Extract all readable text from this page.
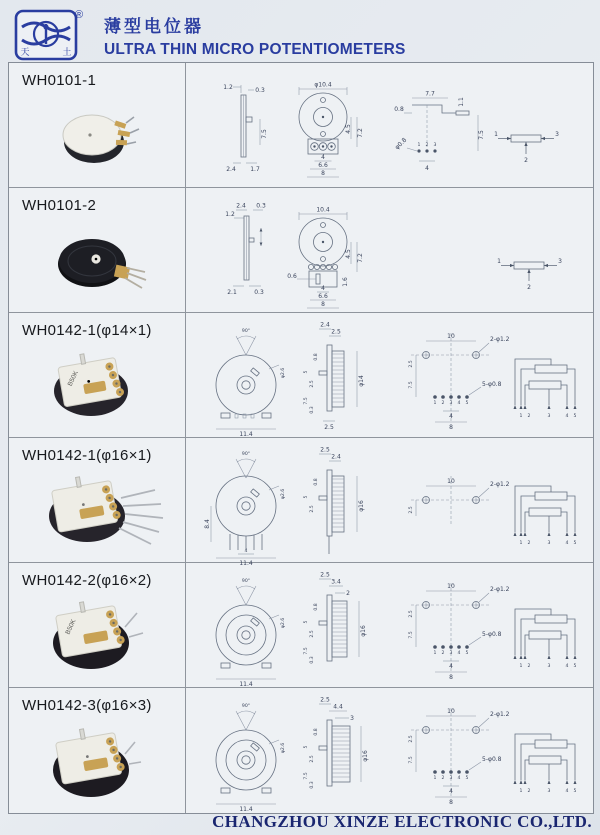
天	土
®
薄型电位器
ULTRA THIN MICRO POTENTIOMETERS
WH0101-1	1.2	0.3
7.5
2.4 1.7
φ10.4
4.5 7.2
4
6.6
8
7.7
1.1
0.8
7.5
1 2 3
φ0.8
4
1	3
2
WH0101-2	2.4 0.3
1.2
2.1	0.3
10.4
0.6
4.5 7.2
1.6
4
6.6
8
1	3
2
WH0142-1(φ14×1)
B50K
90°
φ2.6
11.4
2.4
2.5
0.8
5
2.5
7.5
0.3
φ14
2.5
10	2-φ1.2
2.5
7.5
1 2 3 4 5
5-φ0.8
4
8
1 2	3	4 5
WH0142-1(φ16×1)	90°
φ2.6
8.4
4
11.4
2.5
2.4
0.8
5
2.5	φ16
10	2-φ1.2
2.5
1 2	3	4 5
WH0142-2(φ16×2)
B50K
90°
φ2.6
11.4
2.5
3.4
2
0.8
5
2.5
7.5
0.3
φ16
10	2-φ1.2
2.5
7.5
1 2 3 4 5
5-φ0.8
4
8
1 2	3	4 5
WH0142-3(φ16×3)	90°
φ2.6
11.4
2.5
4.4
3
0.8
5
2.5
7.5
0.3
φ16
10	2-φ1.2
2.5
7.5
1 2 3 4 5
5-φ0.8
4
8
1 2	3	4 5
CHANGZHOU XINZE ELECTRONIC CO.,LTD.
